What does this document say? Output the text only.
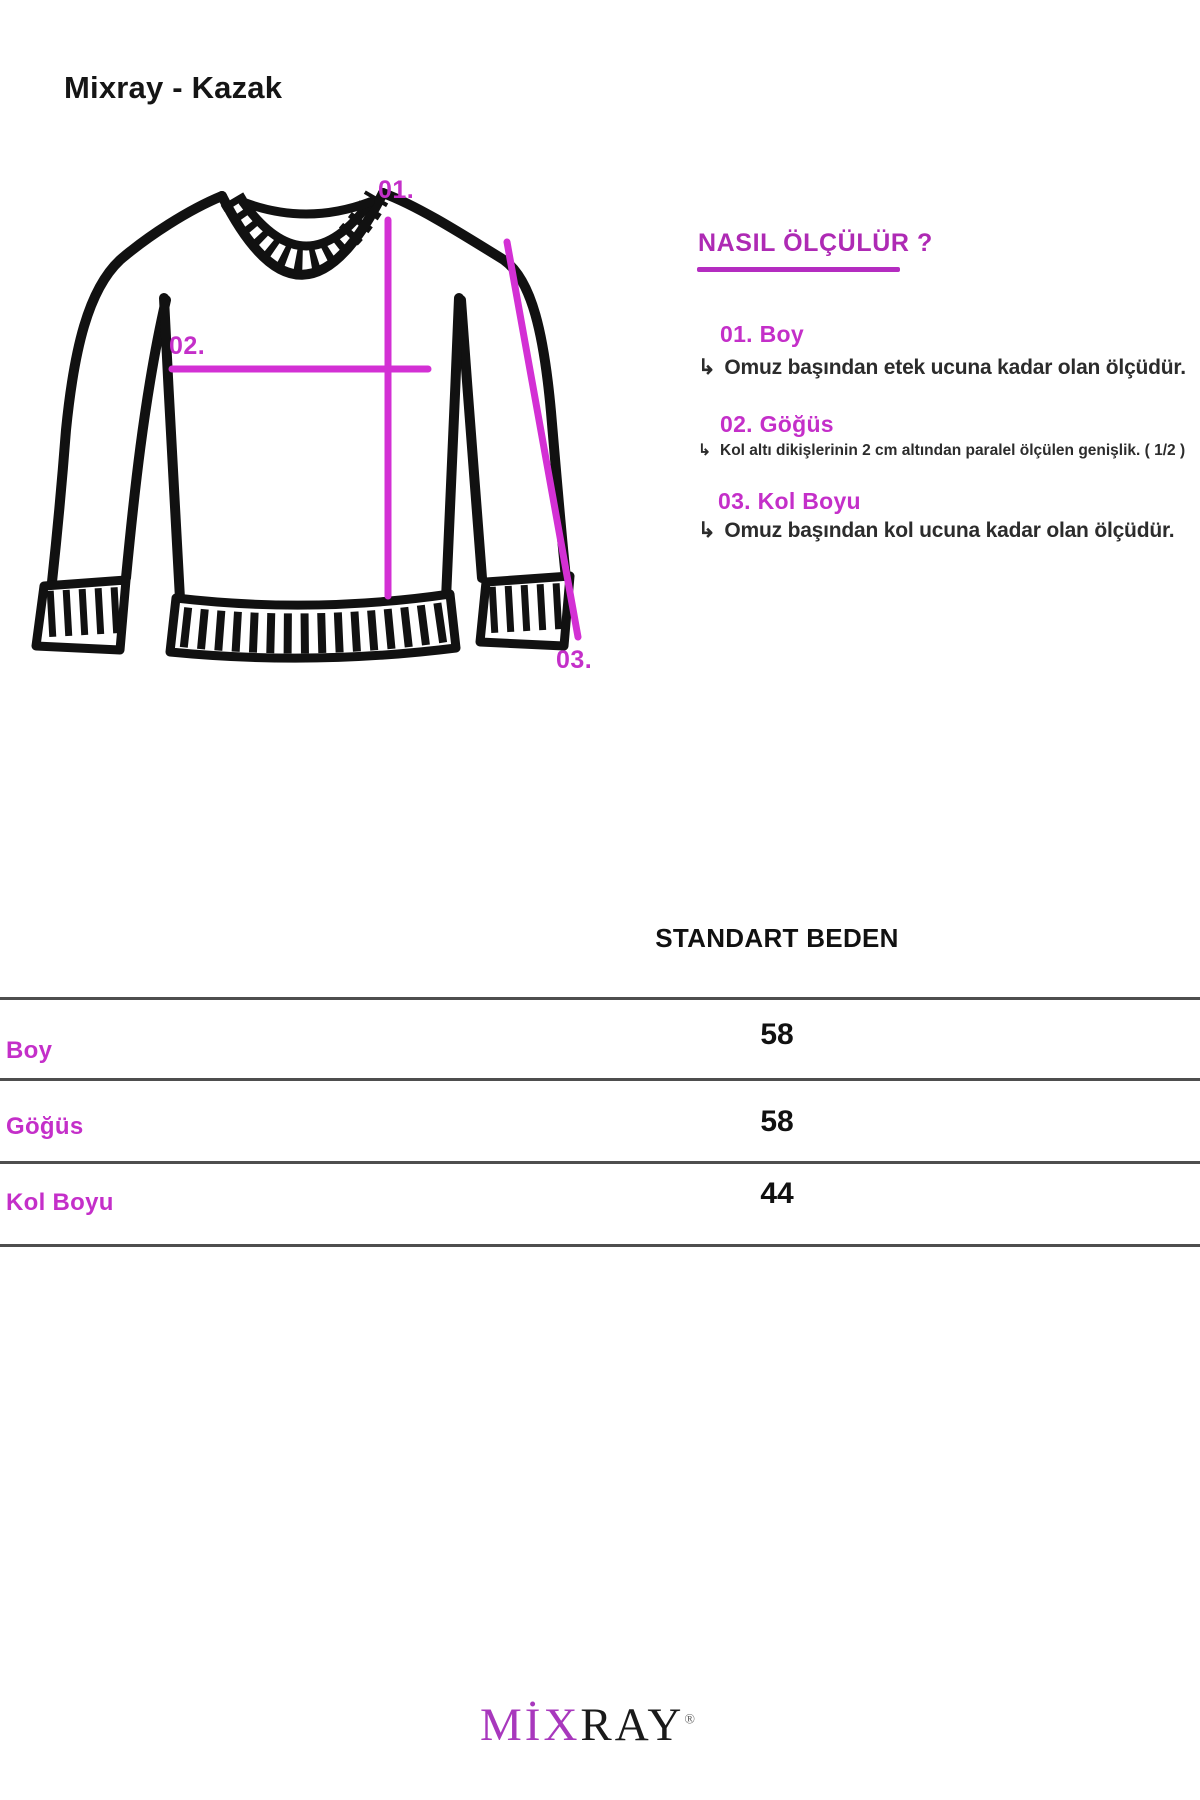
Mixray - Kazak
01.
02.
03.
NASIL ÖLÇÜLÜR ?
01. Boy
↳ Omuz başından etek ucuna kadar olan ölçüdür.
02. Göğüs
↳ Kol altı dikişlerinin 2 cm altından paralel ölçülen genişlik. ( 1/2 )
03. Kol Boyu
↳ Omuz başından kol ucuna kadar olan ölçüdür.
STANDART BEDEN
Boy	58
Göğüs	58
Kol Boyu	44
MİXRAY®
